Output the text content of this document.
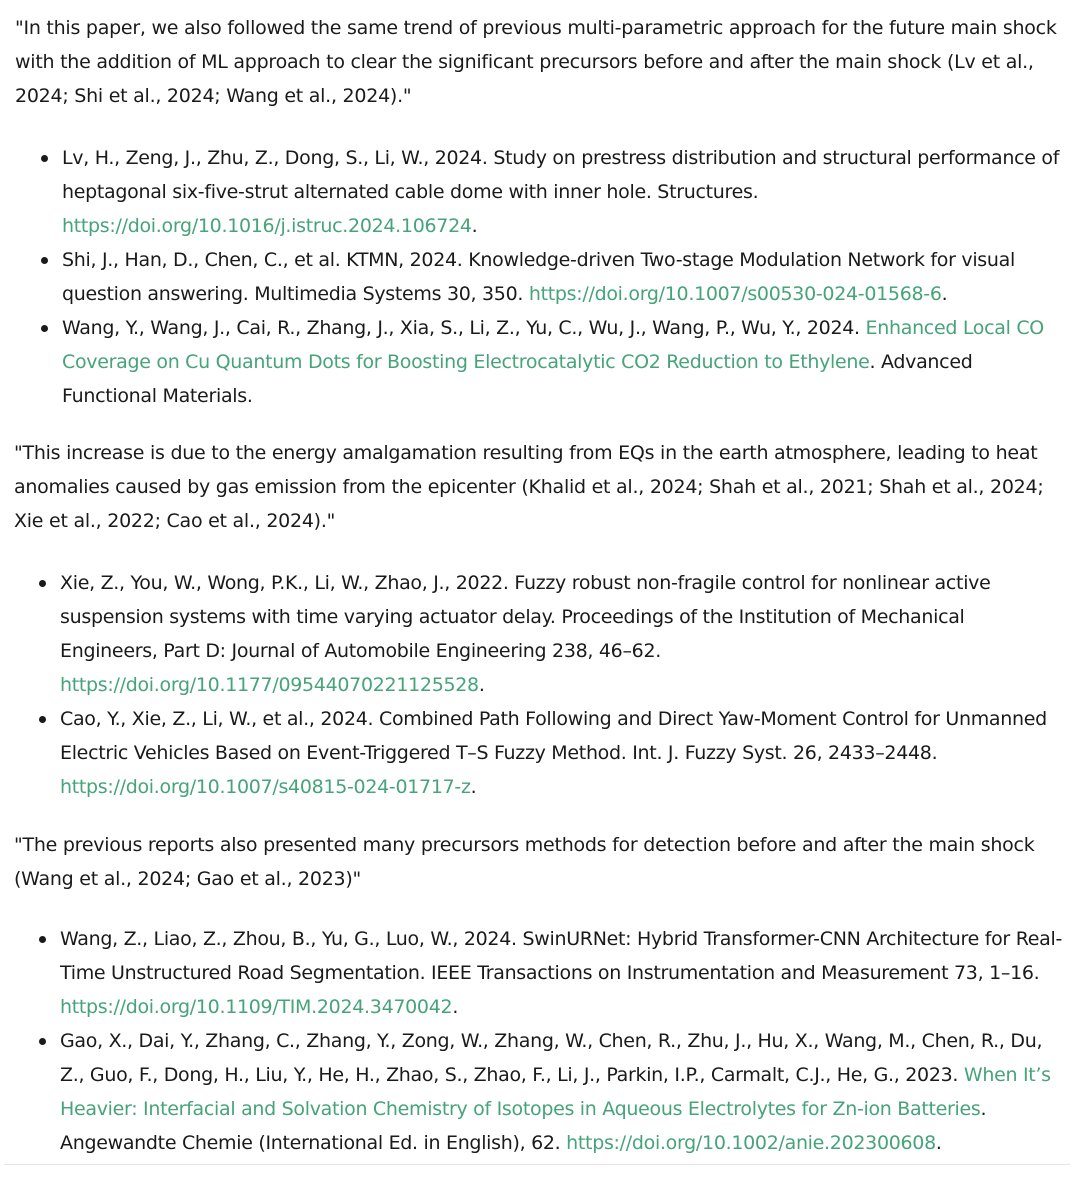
"In this paper, we also followed the same trend of previous multi-parametric approach for the future main shock with the addition of ML approach to clear the significant precursors before and after the main shock (Lv et al., 2024; Shi et al., 2024; Wang et al., 2024)."

Lv, H., Zeng, J., Zhu, Z., Dong, S., Li, W., 2024. Study on prestress distribution and structural performance of heptagonal six-five-strut alternated cable dome with inner hole. Structures. https://doi.org/10.1016/j.istruc.2024.106724.
Shi, J., Han, D., Chen, C., et al. KTMN, 2024. Knowledge-driven Two-stage Modulation Network for visual question answering. Multimedia Systems 30, 350. https://doi.org/10.1007/s00530-024-01568-6.
Wang, Y., Wang, J., Cai, R., Zhang, J., Xia, S., Li, Z., Yu, C., Wu, J., Wang, P., Wu, Y., 2024. Enhanced Local CO Coverage on Cu Quantum Dots for Boosting Electrocatalytic CO2 Reduction to Ethylene. Advanced Functional Materials.

"This increase is due to the energy amalgamation resulting from EQs in the earth atmosphere, leading to heat anomalies caused by gas emission from the epicenter (Khalid et al., 2024; Shah et al., 2021; Shah et al., 2024; Xie et al., 2022; Cao et al., 2024)."

Xie, Z., You, W., Wong, P.K., Li, W., Zhao, J., 2022. Fuzzy robust non-fragile control for nonlinear active suspension systems with time varying actuator delay. Proceedings of the Institution of Mechanical Engineers, Part D: Journal of Automobile Engineering 238, 46–62. https://doi.org/10.1177/09544070221125528.
Cao, Y., Xie, Z., Li, W., et al., 2024. Combined Path Following and Direct Yaw-Moment Control for Unmanned Electric Vehicles Based on Event-Triggered T–S Fuzzy Method. Int. J. Fuzzy Syst. 26, 2433–2448. https://doi.org/10.1007/s40815-024-01717-z.

"The previous reports also presented many precursors methods for detection before and after the main shock (Wang et al., 2024; Gao et al., 2023)"

Wang, Z., Liao, Z., Zhou, B., Yu, G., Luo, W., 2024. SwinURNet: Hybrid Transformer-CNN Architecture for Real-Time Unstructured Road Segmentation. IEEE Transactions on Instrumentation and Measurement 73, 1–16. https://doi.org/10.1109/TIM.2024.3470042.
Gao, X., Dai, Y., Zhang, C., Zhang, Y., Zong, W., Zhang, W., Chen, R., Zhu, J., Hu, X., Wang, M., Chen, R., Du, Z., Guo, F., Dong, H., Liu, Y., He, H., Zhao, S., Zhao, F., Li, J., Parkin, I.P., Carmalt, C.J., He, G., 2023. When It’s Heavier: Interfacial and Solvation Chemistry of Isotopes in Aqueous Electrolytes for Zn-ion Batteries. Angewandte Chemie (International Ed. in English), 62. https://doi.org/10.1002/anie.202300608.
